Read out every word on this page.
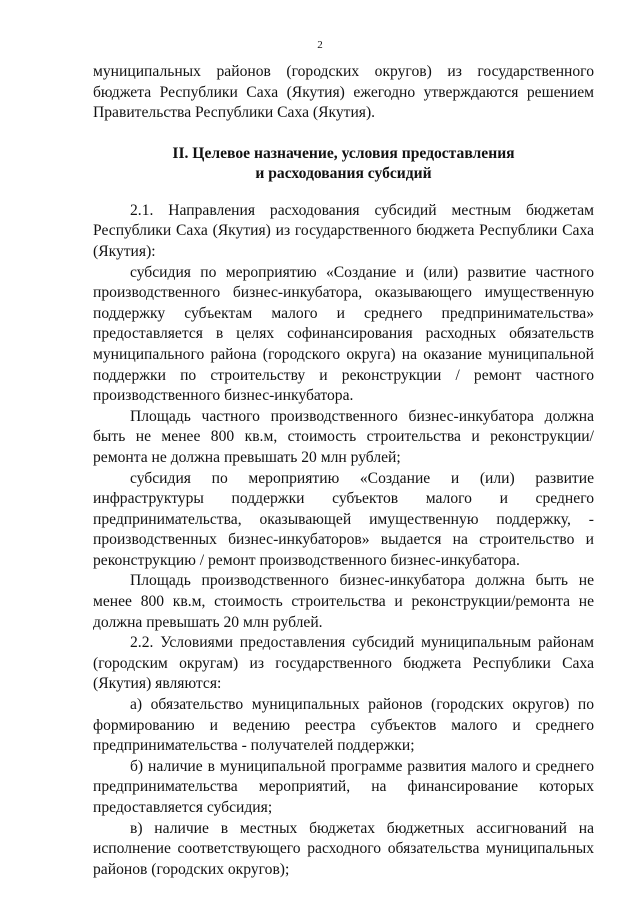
2

муниципальных районов (городских округов) из государственного бюджета Республики Саха (Якутия) ежегодно утверждаются решением Правительства Республики Саха (Якутия).

II. Целевое назначение, условия предоставления
и расходования субсидий

2.1. Направления расходования субсидий местным бюджетам Республики Саха (Якутия) из государственного бюджета Республики Саха (Якутия):

субсидия по мероприятию «Создание и (или) развитие частного производственного бизнес-инкубатора, оказывающего имущественную поддержку субъектам малого и среднего предпринимательства» предоставляется в целях софинансирования расходных обязательств муниципального района (городского округа) на оказание муниципальной поддержки по строительству и реконструкции / ремонт частного производственного бизнес-инкубатора.

Площадь частного производственного бизнес-инкубатора должна быть не менее 800 кв.м, стоимость строительства и реконструкции/ремонта не должна превышать 20 млн рублей;

субсидия по мероприятию «Создание и (или) развитие инфраструктуры поддержки субъектов малого и среднего предпринимательства, оказывающей имущественную поддержку, - производственных бизнес-инкубаторов» выдается на строительство и реконструкцию / ремонт производственного бизнес-инкубатора.

Площадь производственного бизнес-инкубатора должна быть не менее 800 кв.м, стоимость строительства и реконструкции/ремонта не должна превышать 20 млн рублей.

2.2. Условиями предоставления субсидий муниципальным районам (городским округам) из государственного бюджета Республики Саха (Якутия) являются:

а) обязательство муниципальных районов (городских округов) по формированию и ведению реестра субъектов малого и среднего предпринимательства - получателей поддержки;

б) наличие в муниципальной программе развития малого и среднего предпринимательства мероприятий, на финансирование которых предоставляется субсидия;

в) наличие в местных бюджетах бюджетных ассигнований на исполнение соответствующего расходного обязательства муниципальных районов (городских округов);
